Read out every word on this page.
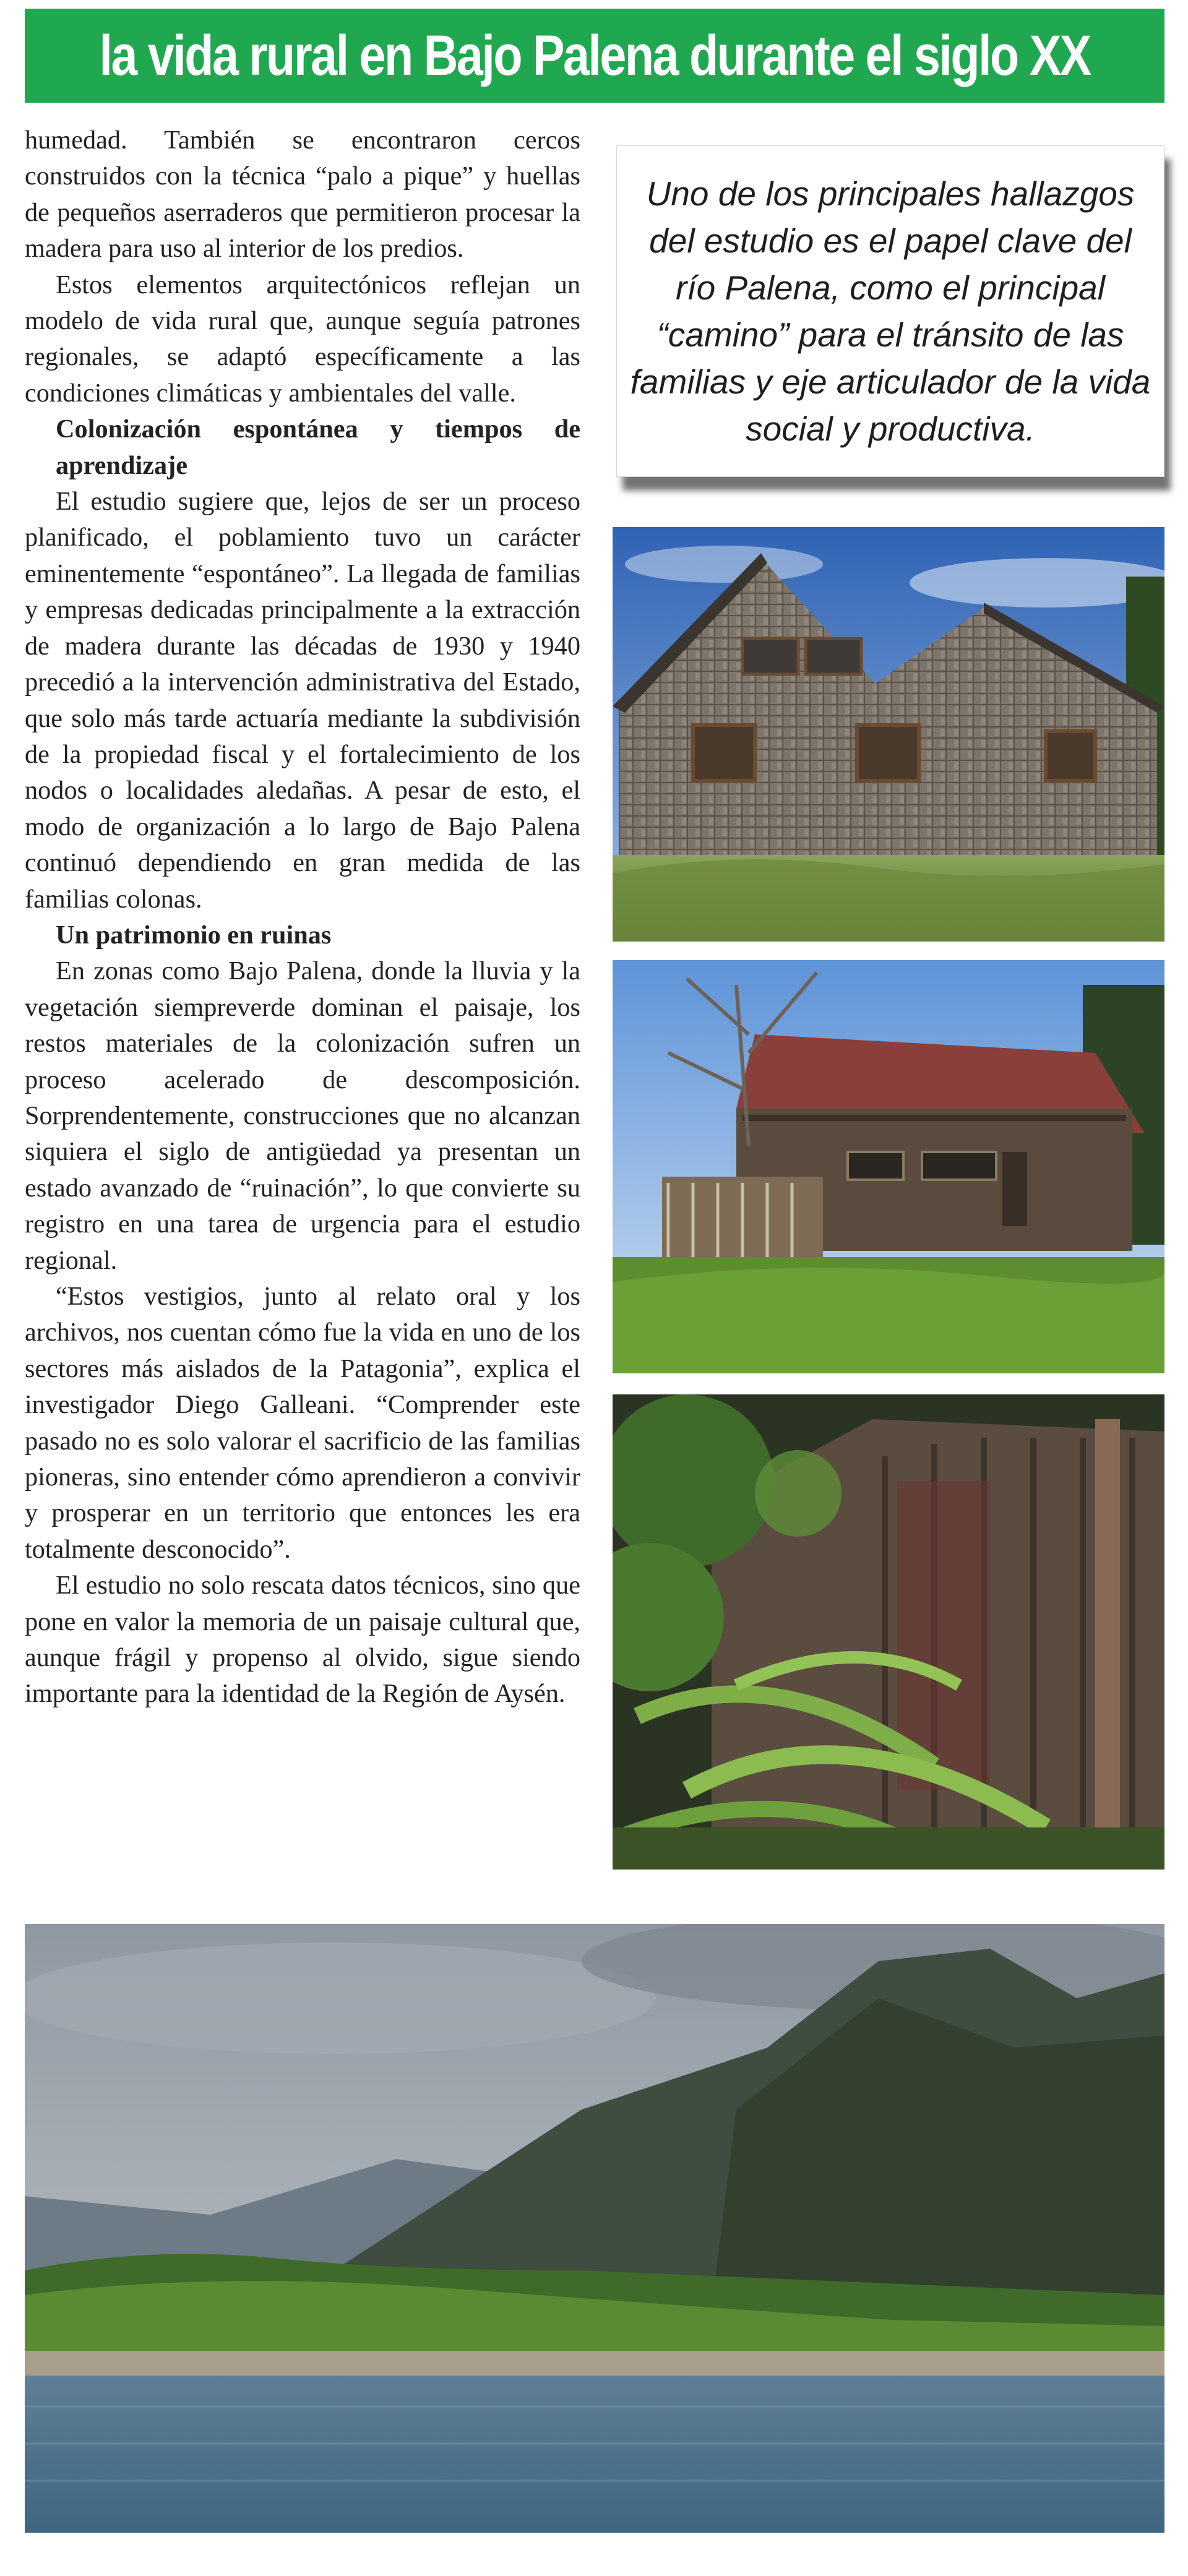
la vida rural en Bajo Palena durante el siglo XX

humedad. También se encontraron cercos construidos con la técnica “palo a pique” y huellas de pequeños aserraderos que permitieron procesar la madera para uso al interior de los predios.

Estos elementos arquitectónicos reflejan un modelo de vida rural que, aunque seguía patrones regionales, se adaptó específicamente a las condiciones climáticas y ambientales del valle.

Colonización espontánea y tiempos de aprendizaje

El estudio sugiere que, lejos de ser un proceso planificado, el poblamiento tuvo un carácter eminentemente “espontáneo”. La llegada de familias y empresas dedicadas principalmente a la extracción de madera durante las décadas de 1930 y 1940 precedió a la intervención administrativa del Estado, que solo más tarde actuaría mediante la subdivisión de la propiedad fiscal y el fortalecimiento de los nodos o localidades aledañas. A pesar de esto, el modo de organización a lo largo de Bajo Palena continuó dependiendo en gran medida de las familias colonas.

Un patrimonio en ruinas

En zonas como Bajo Palena, donde la lluvia y la vegetación siempreverde dominan el paisaje, los restos materiales de la colonización sufren un proceso acelerado de descomposición. Sorprendentemente, construcciones que no alcanzan siquiera el siglo de antigüedad ya presentan un estado avanzado de “ruinación”, lo que convierte su registro en una tarea de urgencia para el estudio regional.

“Estos vestigios, junto al relato oral y los archivos, nos cuentan cómo fue la vida en uno de los sectores más aislados de la Patagonia”, explica el investigador Diego Galleani. “Comprender este pasado no es solo valorar el sacrificio de las familias pioneras, sino entender cómo aprendieron a convivir y prosperar en un territorio que entonces les era totalmente desconocido”.

El estudio no solo rescata datos técnicos, sino que pone en valor la memoria de un paisaje cultural que, aunque frágil y propenso al olvido, sigue siendo importante para la identidad de la Región de Aysén.

Uno de los principales hallazgos del estudio es el papel clave del río Palena, como el principal “camino” para el tránsito de las familias y eje articulador de la vida social y productiva.
